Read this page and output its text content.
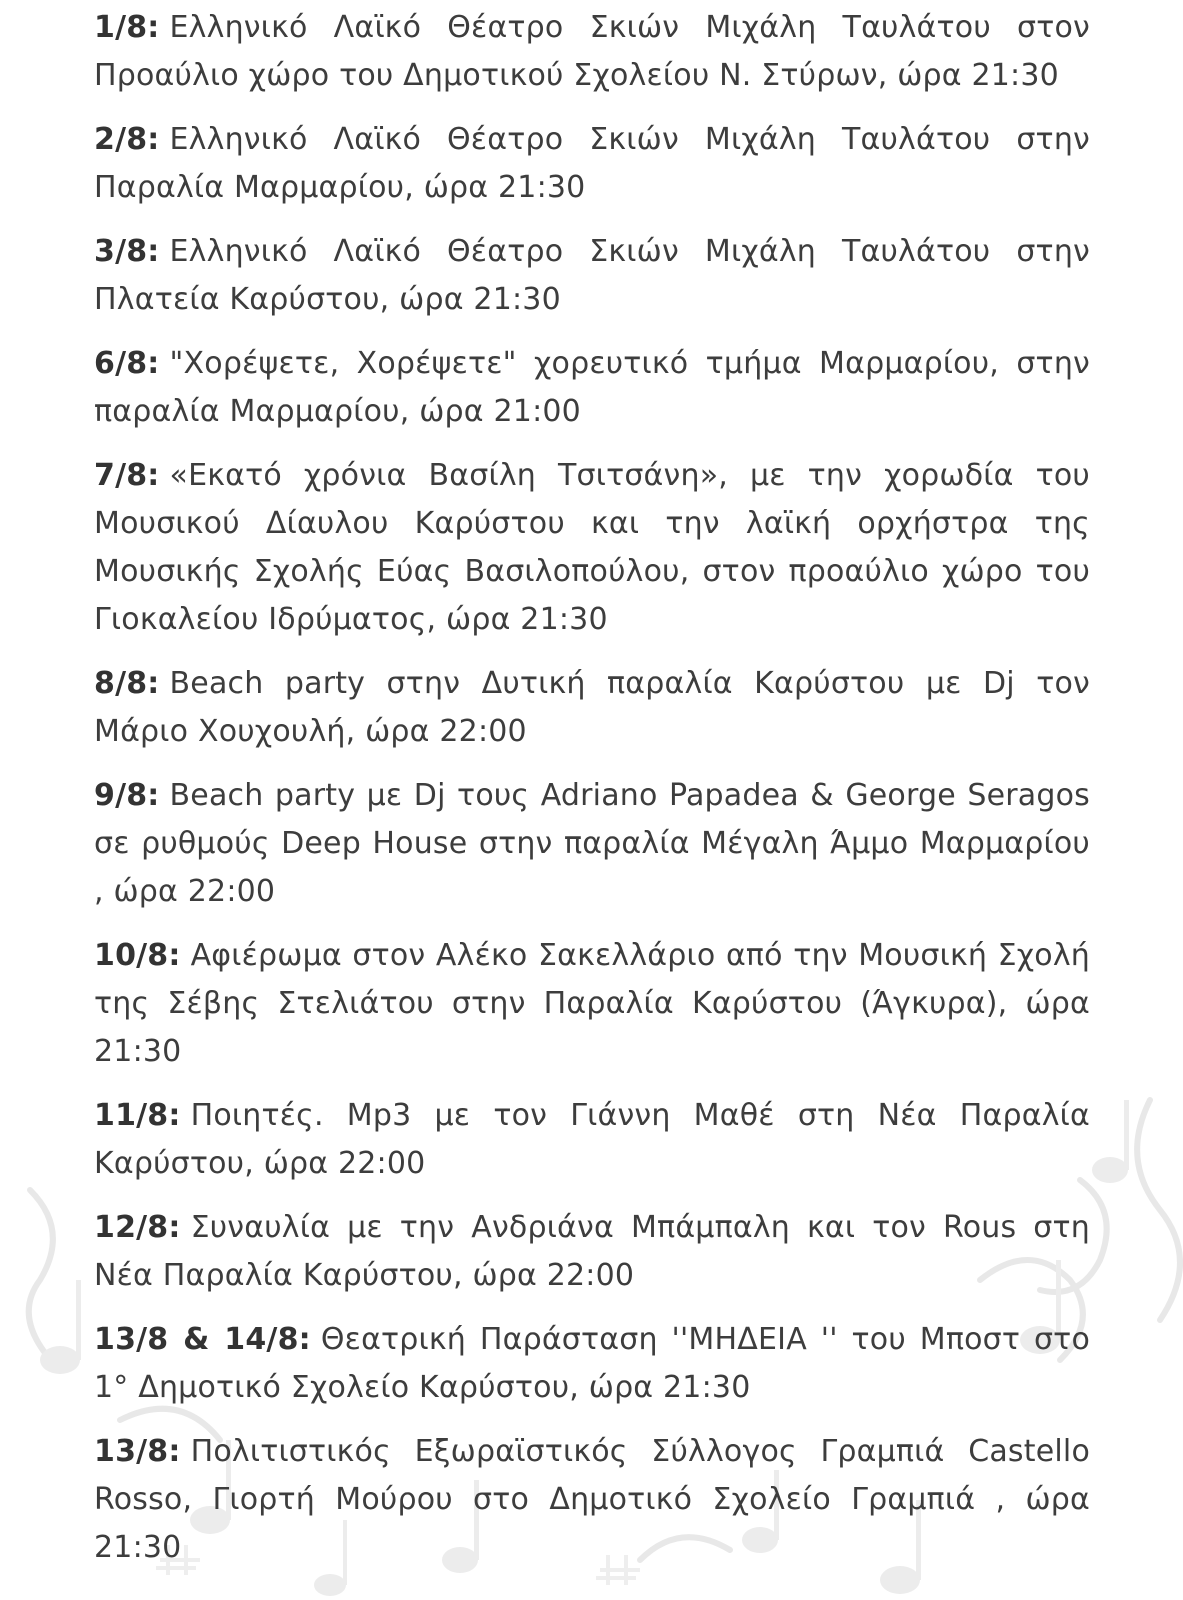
1/8: Ελληνικό Λαϊκό Θέατρο Σκιών Μιχάλη Ταυλάτου στον Προαύλιο χώρο του Δημοτικού Σχολείου Ν. Στύρων, ώρα 21:30

2/8: Ελληνικό Λαϊκό Θέατρο Σκιών Μιχάλη Ταυλάτου στην Παραλία Μαρμαρίου, ώρα 21:30

3/8: Ελληνικό Λαϊκό Θέατρο Σκιών Μιχάλη Ταυλάτου στην Πλατεία Καρύστου, ώρα 21:30

6/8: "Χορέψετε, Χορέψετε" χορευτικό τμήμα Μαρμαρίου, στην παραλία Μαρμαρίου, ώρα 21:00

7/8: «Εκατό χρόνια Βασίλη Τσιτσάνη», με την χορωδία του Μουσικού Δίαυλου Καρύστου και την λαϊκή ορχήστρα της Μουσικής Σχολής Εύας Βασιλοπούλου, στον προαύλιο χώρο του Γιοκαλείου Ιδρύματος, ώρα 21:30

8/8: Beach party στην Δυτική παραλία Καρύστου με Dj τον Μάριο Χουχουλή, ώρα 22:00

9/8: Beach party με Dj τους Adriano Papadea & George Seragos σε ρυθμούς Deep House στην παραλία Μέγαλη Άμμο Μαρμαρίου , ώρα 22:00

10/8: Αφιέρωμα στον Αλέκο Σακελλάριο από την Μουσική Σχολή της Σέβης Στελιάτου στην Παραλία Καρύστου (Άγκυρα), ώρα 21:30

11/8: Ποιητές. Mp3 με τον Γιάννη Μαθέ στη Νέα Παραλία Καρύστου, ώρα 22:00

12/8: Συναυλία με την Ανδριάνα Μπάμπαλη και τον Rous στη Νέα Παραλία Καρύστου, ώρα 22:00

13/8 & 14/8: Θεατρική Παράσταση ''ΜΗΔΕΙΑ '' του Μποστ στο 1° Δημοτικό Σχολείο Καρύστου, ώρα 21:30

13/8: Πολιτιστικός Εξωραϊστικός Σύλλογος Γραμπιά Castello Rosso, Γιορτή Μούρου στο Δημοτικό Σχολείο Γραμπιά , ώρα 21:30
